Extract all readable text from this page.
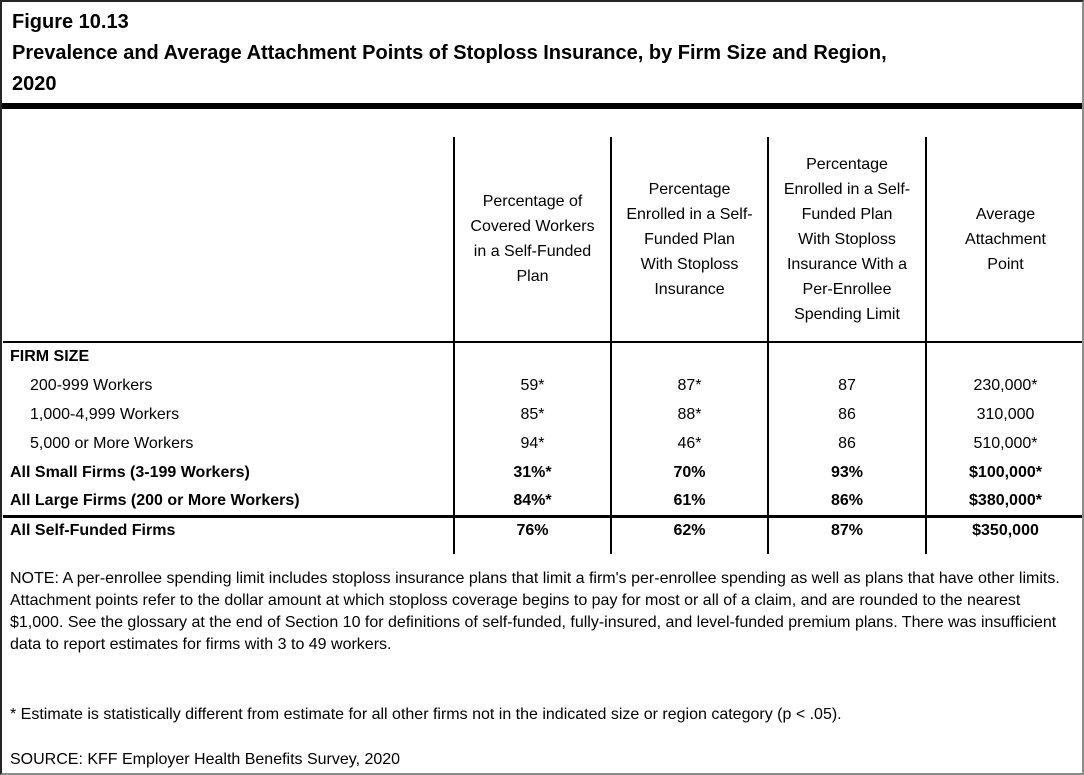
Figure 10.13
Prevalence and Average Attachment Points of Stoploss Insurance, by Firm Size and Region,
2020
	Percentage of
Covered Workers
in a Self-Funded
Plan	Percentage
Enrolled in a Self-
Funded Plan
With Stoploss
Insurance	Percentage
Enrolled in a Self-
Funded Plan
With Stoploss
Insurance With a
Per-Enrollee
Spending Limit	Average
Attachment
Point
FIRM SIZE				
200-999 Workers	59*	87*	87	230,000*
1,000-4,999 Workers	85*	88*	86	310,000
5,000 or More Workers	94*	46*	86	510,000*
All Small Firms (3-199 Workers)	31%*	70%	93%	$100,000*
All Large Firms (200 or More Workers)	84%*	61%	86%	$380,000*
All Self-Funded Firms	76%	62%	87%	$350,000

NOTE: A per-enrollee spending limit includes stoploss insurance plans that limit a firm's per-enrollee spending as well as plans that have other limits. Attachment points refer to the dollar amount at which stoploss coverage begins to pay for most or all of a claim, and are rounded to the nearest $1,000. See the glossary at the end of Section 10 for definitions of self-funded, fully-insured, and level-funded premium plans. There was insufficient data to report estimates for firms with 3 to 49 workers.

* Estimate is statistically different from estimate for all other firms not in the indicated size or region category (p < .05).

SOURCE: KFF Employer Health Benefits Survey, 2020
